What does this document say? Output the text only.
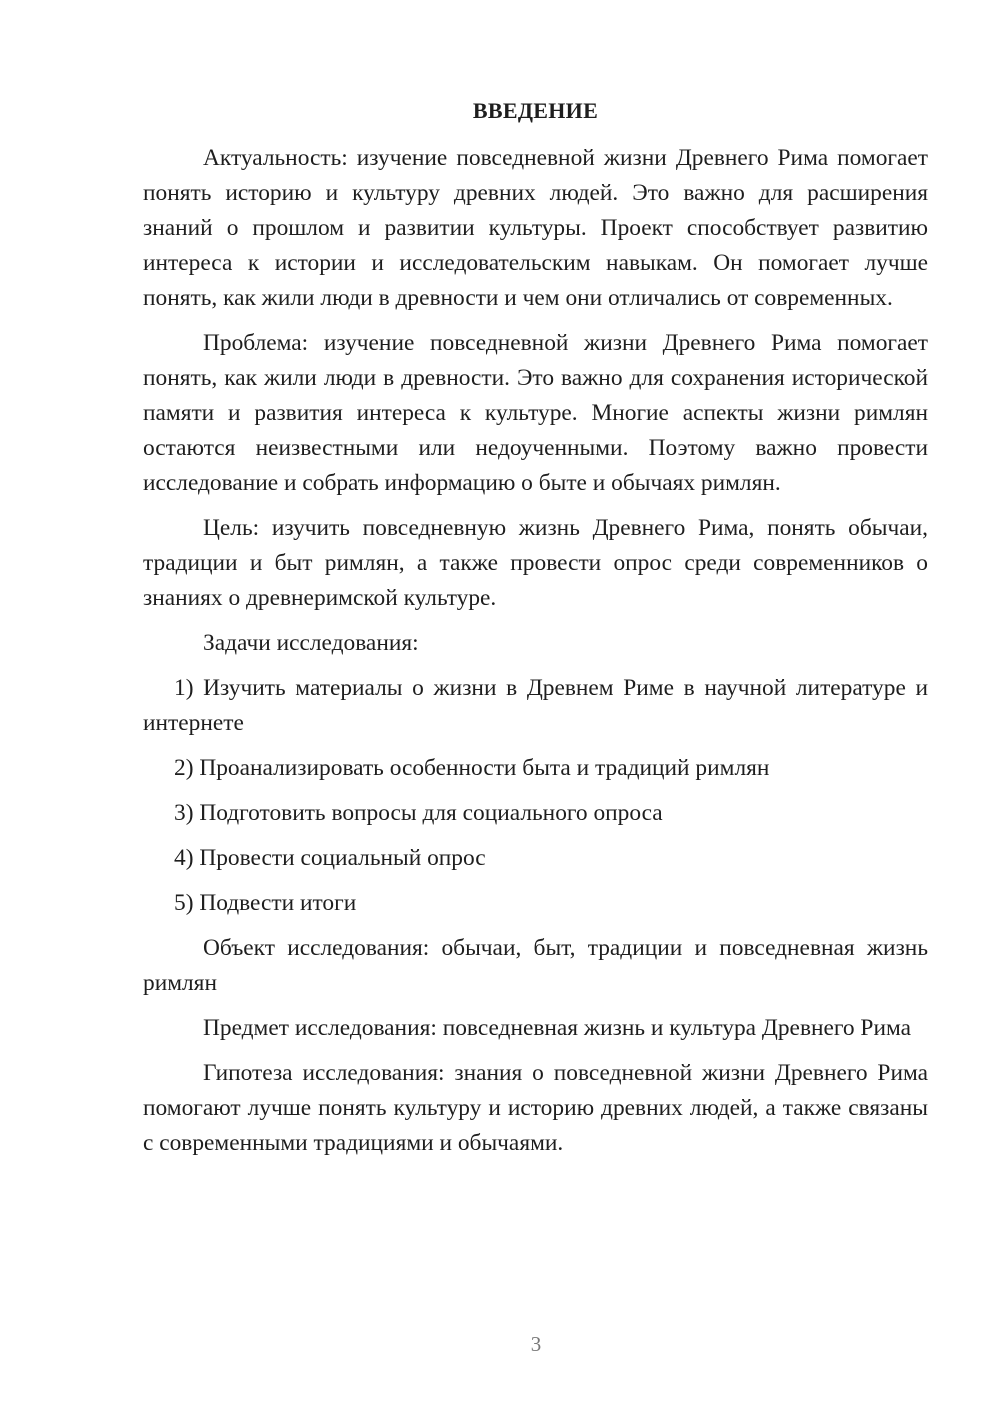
ВВЕДЕНИЕ

Актуальность: изучение повседневной жизни Древнего Рима помогает понять историю и культуру древних людей. Это важно для расширения знаний о прошлом и развитии культуры. Проект способствует развитию интереса к истории и исследовательским навыкам. Он помогает лучше понять, как жили люди в древности и чем они отличались от современных.

Проблема: изучение повседневной жизни Древнего Рима помогает понять, как жили люди в древности. Это важно для сохранения исторической памяти и развития интереса к культуре. Многие аспекты жизни римлян остаются неизвестными или недоученными. Поэтому важно провести исследование и собрать информацию о быте и обычаях римлян.

Цель: изучить повседневную жизнь Древнего Рима, понять обычаи, традиции и быт римлян, а также провести опрос среди современников о знаниях о древнеримской культуре.

Задачи исследования:

1) Изучить материалы о жизни в Древнем Риме в научной литературе и интернете

2) Проанализировать особенности быта и традиций римлян

3) Подготовить вопросы для социального опроса

4) Провести социальный опрос

5) Подвести итоги

Объект исследования: обычаи, быт, традиции и повседневная жизнь римлян

Предмет исследования: повседневная жизнь и культура Древнего Рима

Гипотеза исследования: знания о повседневной жизни Древнего Рима помогают лучше понять культуру и историю древних людей, а также связаны с современными традициями и обычаями.

3
